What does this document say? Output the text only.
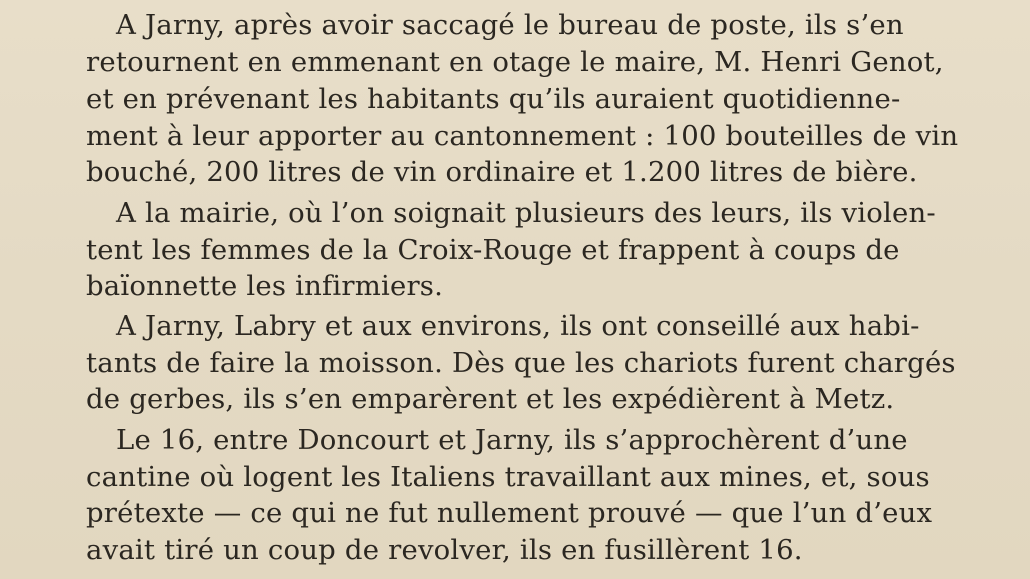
A Jarny, après avoir saccagé le bureau de poste, ils s’en
retournent en emmenant en otage le maire, M. Henri Genot,
et en prévenant les habitants qu’ils auraient quotidienne-
ment à leur apporter au cantonnement : 100 bouteilles de vin
bouché, 200 litres de vin ordinaire et 1.200 litres de bière.
A la mairie, où l’on soignait plusieurs des leurs, ils violen-
tent les femmes de la Croix-Rouge et frappent à coups de
baïonnette les infirmiers.
A Jarny, Labry et aux environs, ils ont conseillé aux habi-
tants de faire la moisson. Dès que les chariots furent chargés
de gerbes, ils s’en emparèrent et les expédièrent à Metz.
Le 16, entre Doncourt et Jarny, ils s’approchèrent d’une
cantine où logent les Italiens travaillant aux mines, et, sous
prétexte — ce qui ne fut nullement prouvé — que l’un d’eux
avait tiré un coup de revolver, ils en fusillèrent 16.
